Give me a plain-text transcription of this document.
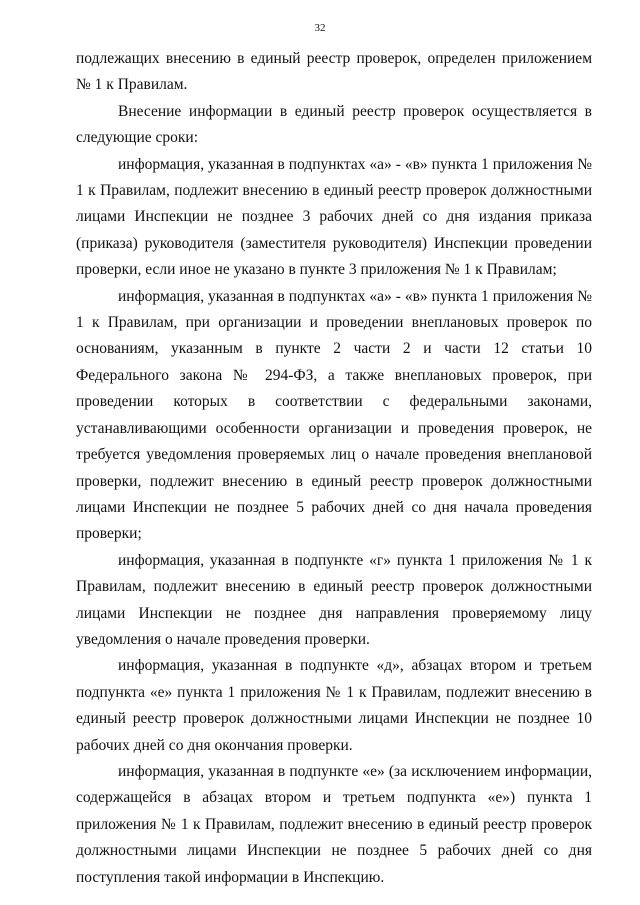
32

подлежащих внесению в единый реестр проверок, определен приложением № 1 к Правилам.

Внесение информации в единый реестр проверок осуществляется в следующие сроки:

информация, указанная в подпунктах «а» - «в» пункта 1 приложения № 1 к Правилам, подлежит внесению в единый реестр проверок должностными лицами Инспекции не позднее 3 рабочих дней со дня издания приказа (приказа) руководителя (заместителя руководителя) Инспекции проведении проверки, если иное не указано в пункте 3 приложения № 1 к Правилам;

информация, указанная в подпунктах «а» - «в» пункта 1 приложения № 1 к Правилам, при организации и проведении внеплановых проверок по основаниям, указанным в пункте 2 части 2 и части 12 статьи 10 Федерального закона № 294-ФЗ, а также внеплановых проверок, при проведении которых в соответствии с федеральными законами, устанавливающими особенности организации и проведения проверок, не требуется уведомления проверяемых лиц о начале проведения внеплановой проверки, подлежит внесению в единый реестр проверок должностными лицами Инспекции не позднее 5 рабочих дней со дня начала проведения проверки;

информация, указанная в подпункте «г» пункта 1 приложения № 1 к Правилам, подлежит внесению в единый реестр проверок должностными лицами Инспекции не позднее дня направления проверяемому лицу уведомления о начале проведения проверки.

информация, указанная в подпункте «д», абзацах втором и третьем подпункта «е» пункта 1 приложения № 1 к Правилам, подлежит внесению в единый реестр проверок должностными лицами Инспекции не позднее 10 рабочих дней со дня окончания проверки.

информация, указанная в подпункте «е» (за исключением информации, содержащейся в абзацах втором и третьем подпункта «е») пункта 1 приложения № 1 к Правилам, подлежит внесению в единый реестр проверок должностными лицами Инспекции не позднее 5 рабочих дней со дня поступления такой информации в Инспекцию.
